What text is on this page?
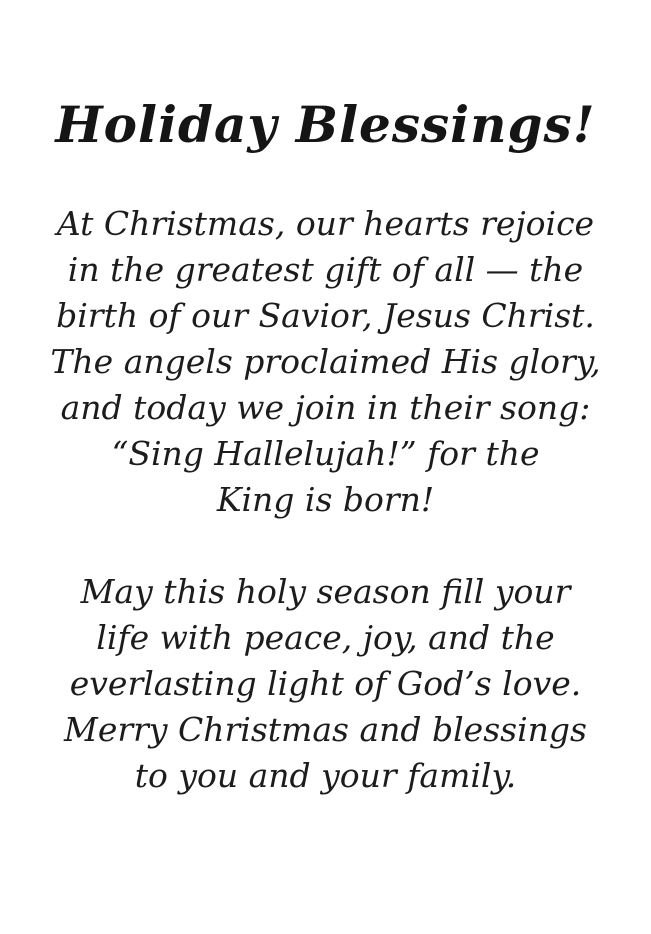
Holiday Blessings!
At Christmas, our hearts rejoice
in the greatest gift of all — the
birth of our Savior, Jesus Christ.
The angels proclaimed His glory,
and today we join in their song:
“Sing Hallelujah!” for the
King is born!
May this holy season fill your
life with peace, joy, and the
everlasting light of God’s love.
Merry Christmas and blessings
to you and your family.
